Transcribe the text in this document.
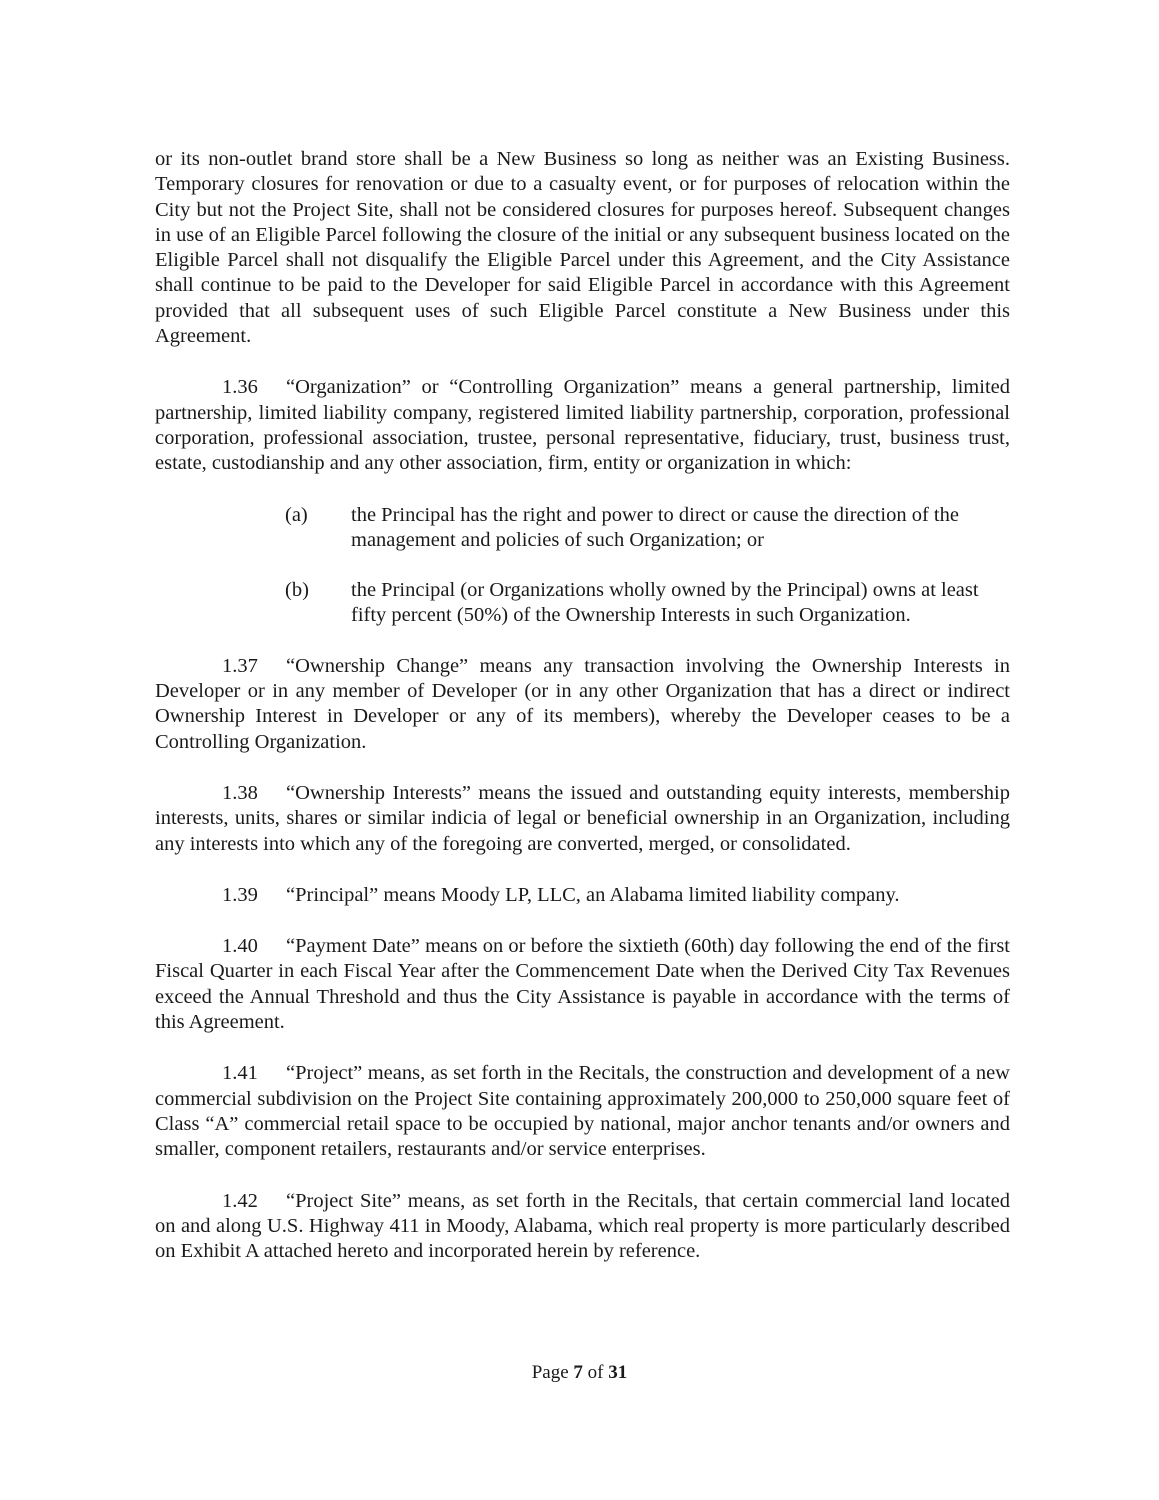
or its non-outlet brand store shall be a New Business so long as neither was an Existing Business. Temporary closures for renovation or due to a casualty event, or for purposes of relocation within the City but not the Project Site, shall not be considered closures for purposes hereof. Subsequent changes in use of an Eligible Parcel following the closure of the initial or any subsequent business located on the Eligible Parcel shall not disqualify the Eligible Parcel under this Agreement, and the City Assistance shall continue to be paid to the Developer for said Eligible Parcel in accordance with this Agreement provided that all subsequent uses of such Eligible Parcel constitute a New Business under this Agreement.

1.36 “Organization” or “Controlling Organization” means a general partnership, limited partnership, limited liability company, registered limited liability partnership, corporation, professional corporation, professional association, trustee, personal representative, fiduciary, trust, business trust, estate, custodianship and any other association, firm, entity or organization in which:

(a)	the Principal has the right and power to direct or cause the direction of the management and policies of such Organization; or
(b)	the Principal (or Organizations wholly owned by the Principal) owns at least fifty percent (50%) of the Ownership Interests in such Organization.

1.37 “Ownership Change” means any transaction involving the Ownership Interests in Developer or in any member of Developer (or in any other Organization that has a direct or indirect Ownership Interest in Developer or any of its members), whereby the Developer ceases to be a Controlling Organization.

1.38 “Ownership Interests” means the issued and outstanding equity interests, membership interests, units, shares or similar indicia of legal or beneficial ownership in an Organization, including any interests into which any of the foregoing are converted, merged, or consolidated.

1.39 “Principal” means Moody LP, LLC, an Alabama limited liability company.

1.40 “Payment Date” means on or before the sixtieth (60th) day following the end of the first Fiscal Quarter in each Fiscal Year after the Commencement Date when the Derived City Tax Revenues exceed the Annual Threshold and thus the City Assistance is payable in accordance with the terms of this Agreement.

1.41 “Project” means, as set forth in the Recitals, the construction and development of a new commercial subdivision on the Project Site containing approximately 200,000 to 250,000 square feet of Class “A” commercial retail space to be occupied by national, major anchor tenants and/or owners and smaller, component retailers, restaurants and/or service enterprises.

1.42 “Project Site” means, as set forth in the Recitals, that certain commercial land located on and along U.S. Highway 411 in Moody, Alabama, which real property is more particularly described on Exhibit A attached hereto and incorporated herein by reference.

Page 7 of 31
